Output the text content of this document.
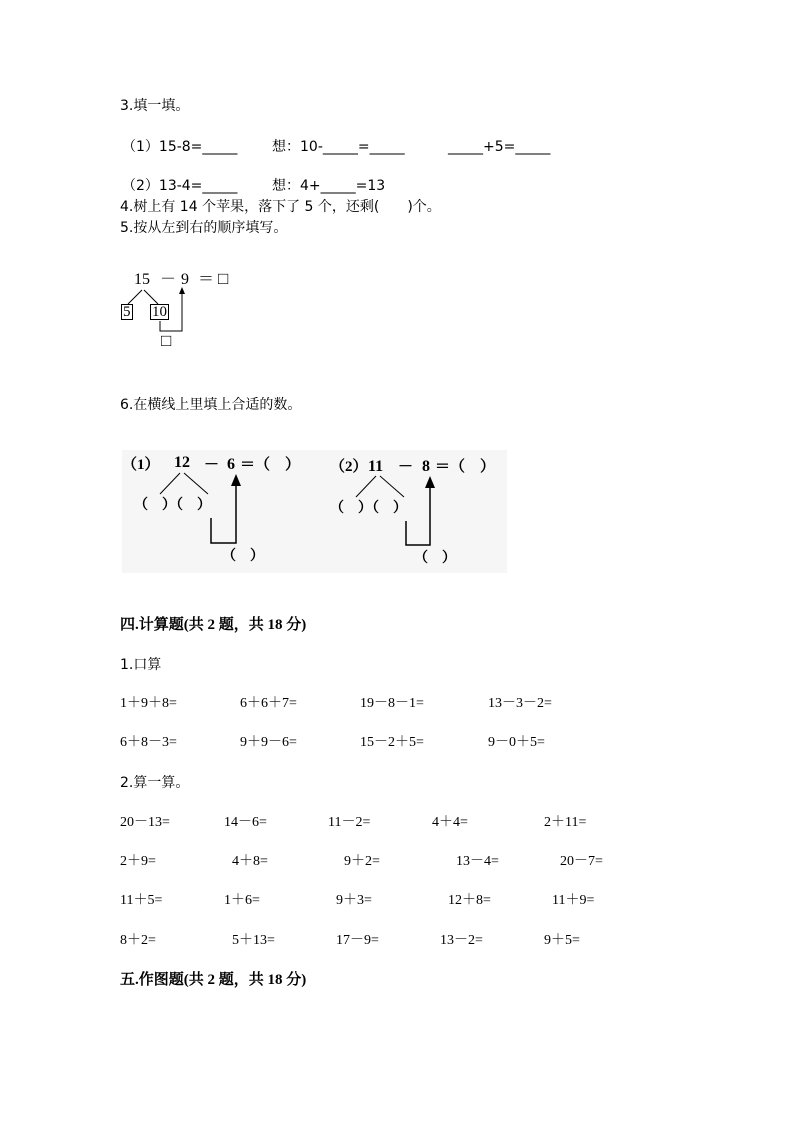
3.填一填。
（1）15-8=_____ 想：10-_____=_____	_____+5=_____
（2）13-4=_____ 想：4+_____=13
4.树上有 14 个苹果，落下了 5 个，还剩(　　)个。
5.按从左到右的顺序填写。
15 － 9 ＝ □
5 10
□
6.在横线上里填上合适的数。
（1） 12 － 6 ＝（　）
（　）（　）
（　）
（2） 11 － 8 ＝（　）
（　）（　）
（　）
四.计算题(共 2 题，共 18 分)
1.口算
1＋9＋8=	6＋6＋7=	19－8－1=	13－3－2=
6＋8－3=	9＋9－6=	15－2＋5=	9－0＋5=
2.算一算。
20－13=	14－6=	11－2=	4＋4=	2＋11=
2＋9=	4＋8=	9＋2=	13－4=	20－7=
11＋5=	1＋6=	9＋3=	12＋8=	11＋9=
8＋2=	5＋13=	17－9=	13－2=	9＋5=
五.作图题(共 2 题，共 18 分)
